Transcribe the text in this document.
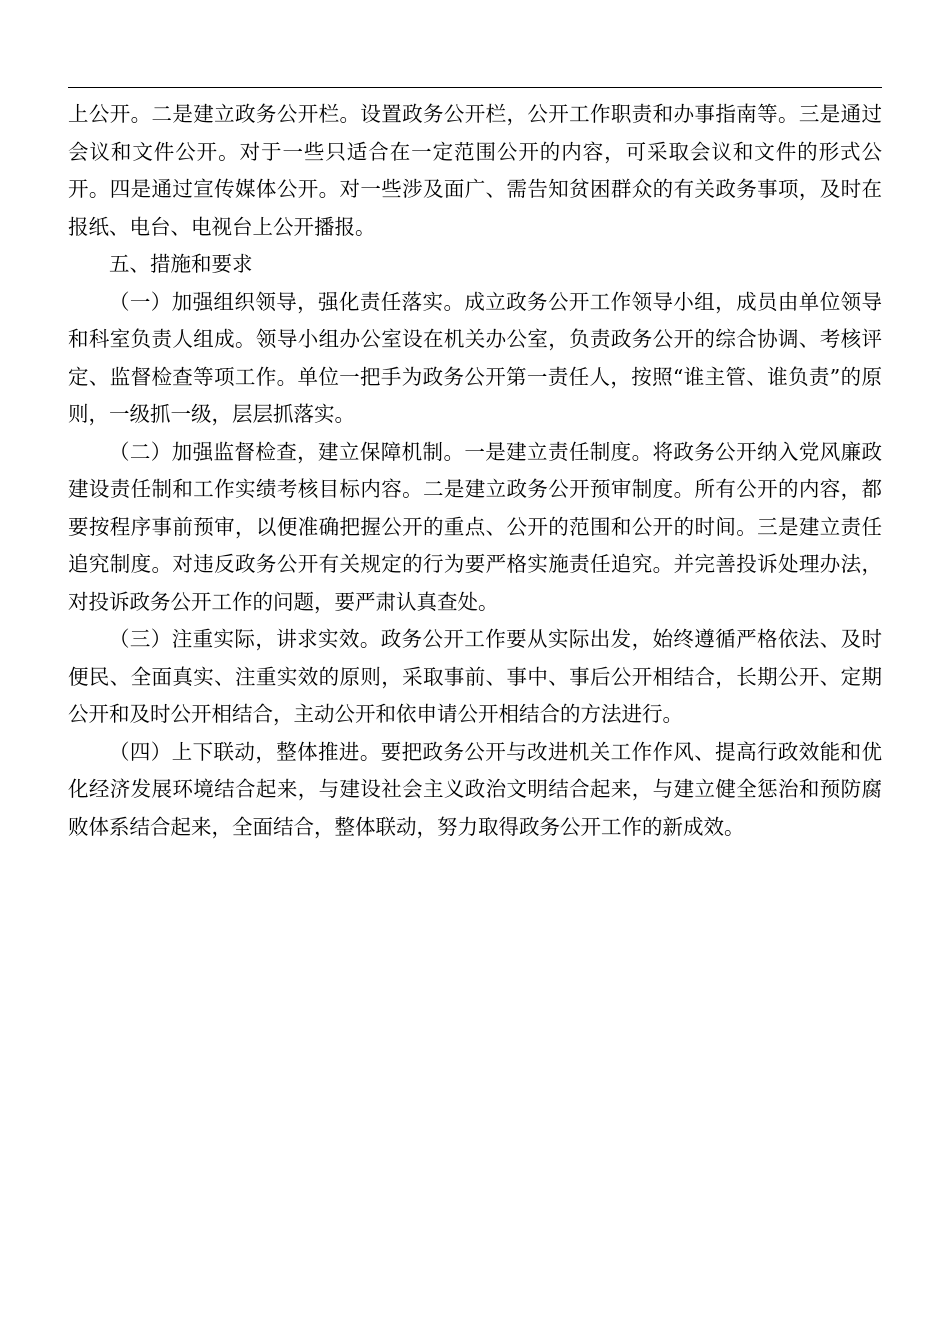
上公开。二是建立政务公开栏。设置政务公开栏，公开工作职责和办事指南等。三是通过会议和文件公开。对于一些只适合在一定范围公开的内容，可采取会议和文件的形式公开。四是通过宣传媒体公开。对一些涉及面广、需告知贫困群众的有关政务事项，及时在报纸、电台、电视台上公开播报。

五、措施和要求

（一）加强组织领导，强化责任落实。成立政务公开工作领导小组，成员由单位领导和科室负责人组成。领导小组办公室设在机关办公室，负责政务公开的综合协调、考核评定、监督检查等项工作。单位一把手为政务公开第一责任人，按照“谁主管、谁负责”的原则，一级抓一级，层层抓落实。

（二）加强监督检查，建立保障机制。一是建立责任制度。将政务公开纳入党风廉政建设责任制和工作实绩考核目标内容。二是建立政务公开预审制度。所有公开的内容，都要按程序事前预审，以便准确把握公开的重点、公开的范围和公开的时间。三是建立责任追究制度。对违反政务公开有关规定的行为要严格实施责任追究。并完善投诉处理办法，对投诉政务公开工作的问题，要严肃认真查处。

（三）注重实际，讲求实效。政务公开工作要从实际出发，始终遵循严格依法、及时便民、全面真实、注重实效的原则，采取事前、事中、事后公开相结合，长期公开、定期公开和及时公开相结合，主动公开和依申请公开相结合的方法进行。

（四）上下联动，整体推进。要把政务公开与改进机关工作作风、提高行政效能和优化经济发展环境结合起来，与建设社会主义政治文明结合起来，与建立健全惩治和预防腐败体系结合起来，全面结合，整体联动，努力取得政务公开工作的新成效。
